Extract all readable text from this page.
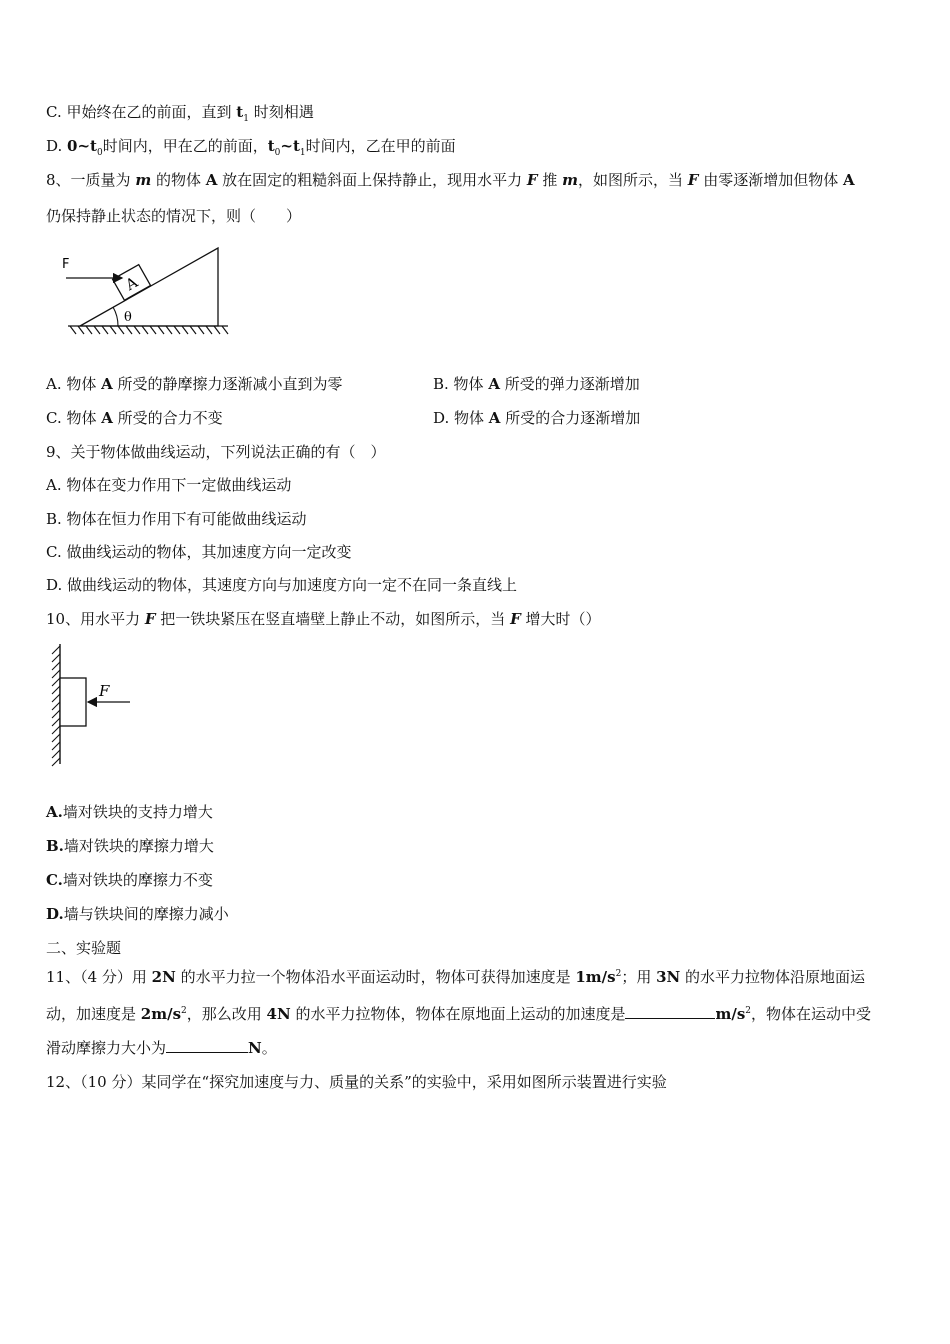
C. 甲始终在乙的前面，直到 $t_1$ 时刻相遇
D. $0\sim t_0$时间内，甲在乙的前面，$t_0\sim t_1$时间内，乙在甲的前面
8、一质量为 m 的物体 A 放在固定的粗糙斜面上保持静止，现用水平力 F 推 m，如图所示，当 F 由零逐渐增加但物体 A
仍保持静止状态的情况下，则（　　）
θ
A
F
A. 物体 A 所受的静摩擦力逐渐减小直到为零	B. 物体 A 所受的弹力逐渐增加
C. 物体 A 所受的合力不变	D. 物体 A 所受的合力逐渐增加
9、关于物体做曲线运动，下列说法正确的有（　）
A. 物体在变力作用下一定做曲线运动
B. 物体在恒力作用下有可能做曲线运动
C. 做曲线运动的物体，其加速度方向一定改变
D. 做曲线运动的物体，其速度方向与加速度方向一定不在同一条直线上
10、用水平力 F 把一铁块紧压在竖直墙壁上静止不动，如图所示，当 F 增大时（）
F
A.墙对铁块的支持力增大
B.墙对铁块的摩擦力增大
C.墙对铁块的摩擦力不变
D.墙与铁块间的摩擦力减小
二、实验题
11、（4 分）用 2N 的水平力拉一个物体沿水平面运动时，物体可获得加速度是 $1m/s^2$；用 3N 的水平力拉物体沿原地面运
动，加速度是 $2m/s^2$，那么改用 4N 的水平力拉物体，物体在原地面上运动的加速度是	$m/s^2$，物体在运动中受
滑动摩擦力大小为	N。
12、（10 分）某同学在“探究加速度与力、质量的关系”的实验中，采用如图所示装置进行实验
